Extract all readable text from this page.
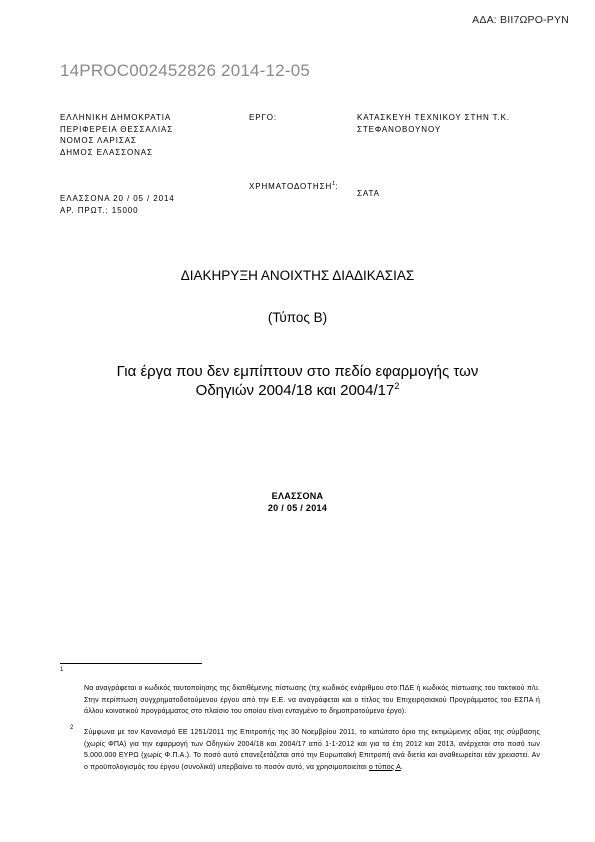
ΑΔΑ: ΒΙΙ7ΩΡΟ-ΡΥΝ
14PROC002452826 2014-12-05
ΕΛΛΗΝΙΚΗ ΔΗΜΟΚΡΑΤΙΑ
ΠΕΡΙΦΕΡΕΙΑ ΘΕΣΣΑΛΙΑΣ
ΝΟΜΟΣ ΛΑΡΙΣΑΣ
ΔΗΜΟΣ ΕΛΑΣΣΟΝΑΣ
ΕΡΓΟ:	ΚΑΤΑΣΚΕΥΗ ΤΕΧΝΙΚΟΥ ΣΤΗΝ Τ.Κ.
ΣΤΕΦΑΝΟΒΟΥΝΟΥ
ΕΛΑΣΣΟΝΑ 20 / 05 / 2014
ΑΡ. ΠΡΩΤ.: 15000
ΧΡΗΜΑΤΟΔΟΤΗΣΗ$^1$:
ΣΑΤΑ
ΔΙΑΚΗΡΥΞΗ ΑΝΟΙΧΤΗΣ ΔΙΑΔΙΚΑΣΙΑΣ
(Τύπος Β)
Για έργα που δεν εμπίπτουν στο πεδίο εφαρμογής των
Οδηγιών 2004/18 και $2004/17^2$
ΕΛΑΣΣΟΝΑ
20 / 05 / 2014
1
Να αναγράφεται ο κωδικός ταυτοποίησης της διατιθέμενης πίστωσης (πχ κωδικός ενάριθμου στο ΠΔΕ ή κωδικός πίστωσης του τακτικού π/υ. Στην περίπτωση συγχρηματοδοτούμενου έργου από την Ε.Ε. να αναγράφεται και ο τίτλος του Επιχειρησιακού Προγράμματος του ΕΣΠΑ ή άλλου κοινοτικού προγράμματος στο πλαίσιο του οποίου είναι ενταγμένο το δημοπρατούμενο έργο).
2
Σύμφωνα με τον Κανονισμό ΕΕ 1251/2011 της Επιτροπής της 30 Νοεμβρίου 2011, το κατώτατο όριο της εκτιμώμενης αξίας της σύμβασης (χωρίς ΦΠΑ) για την εφαρμογή των Οδηγιών 2004/18 και 2004/17 από 1-1-2012 και για τα έτη 2012 και 2013, ανέρχεται στο ποσό των 5.000.000 ΕΥΡΩ (χωρίς Φ.Π.Α.). Το ποσό αυτό επανεξετάζεται από την Ευρωπαϊκή Επιτροπή ανά διετία και αναθεωρείται εάν χρειαστεί. Αν ο προϋπολογισμός του έργου (συνολικά) υπερβαίνει το ποσόν αυτό, να χρησιμοποιείται ο τύπος Α.
